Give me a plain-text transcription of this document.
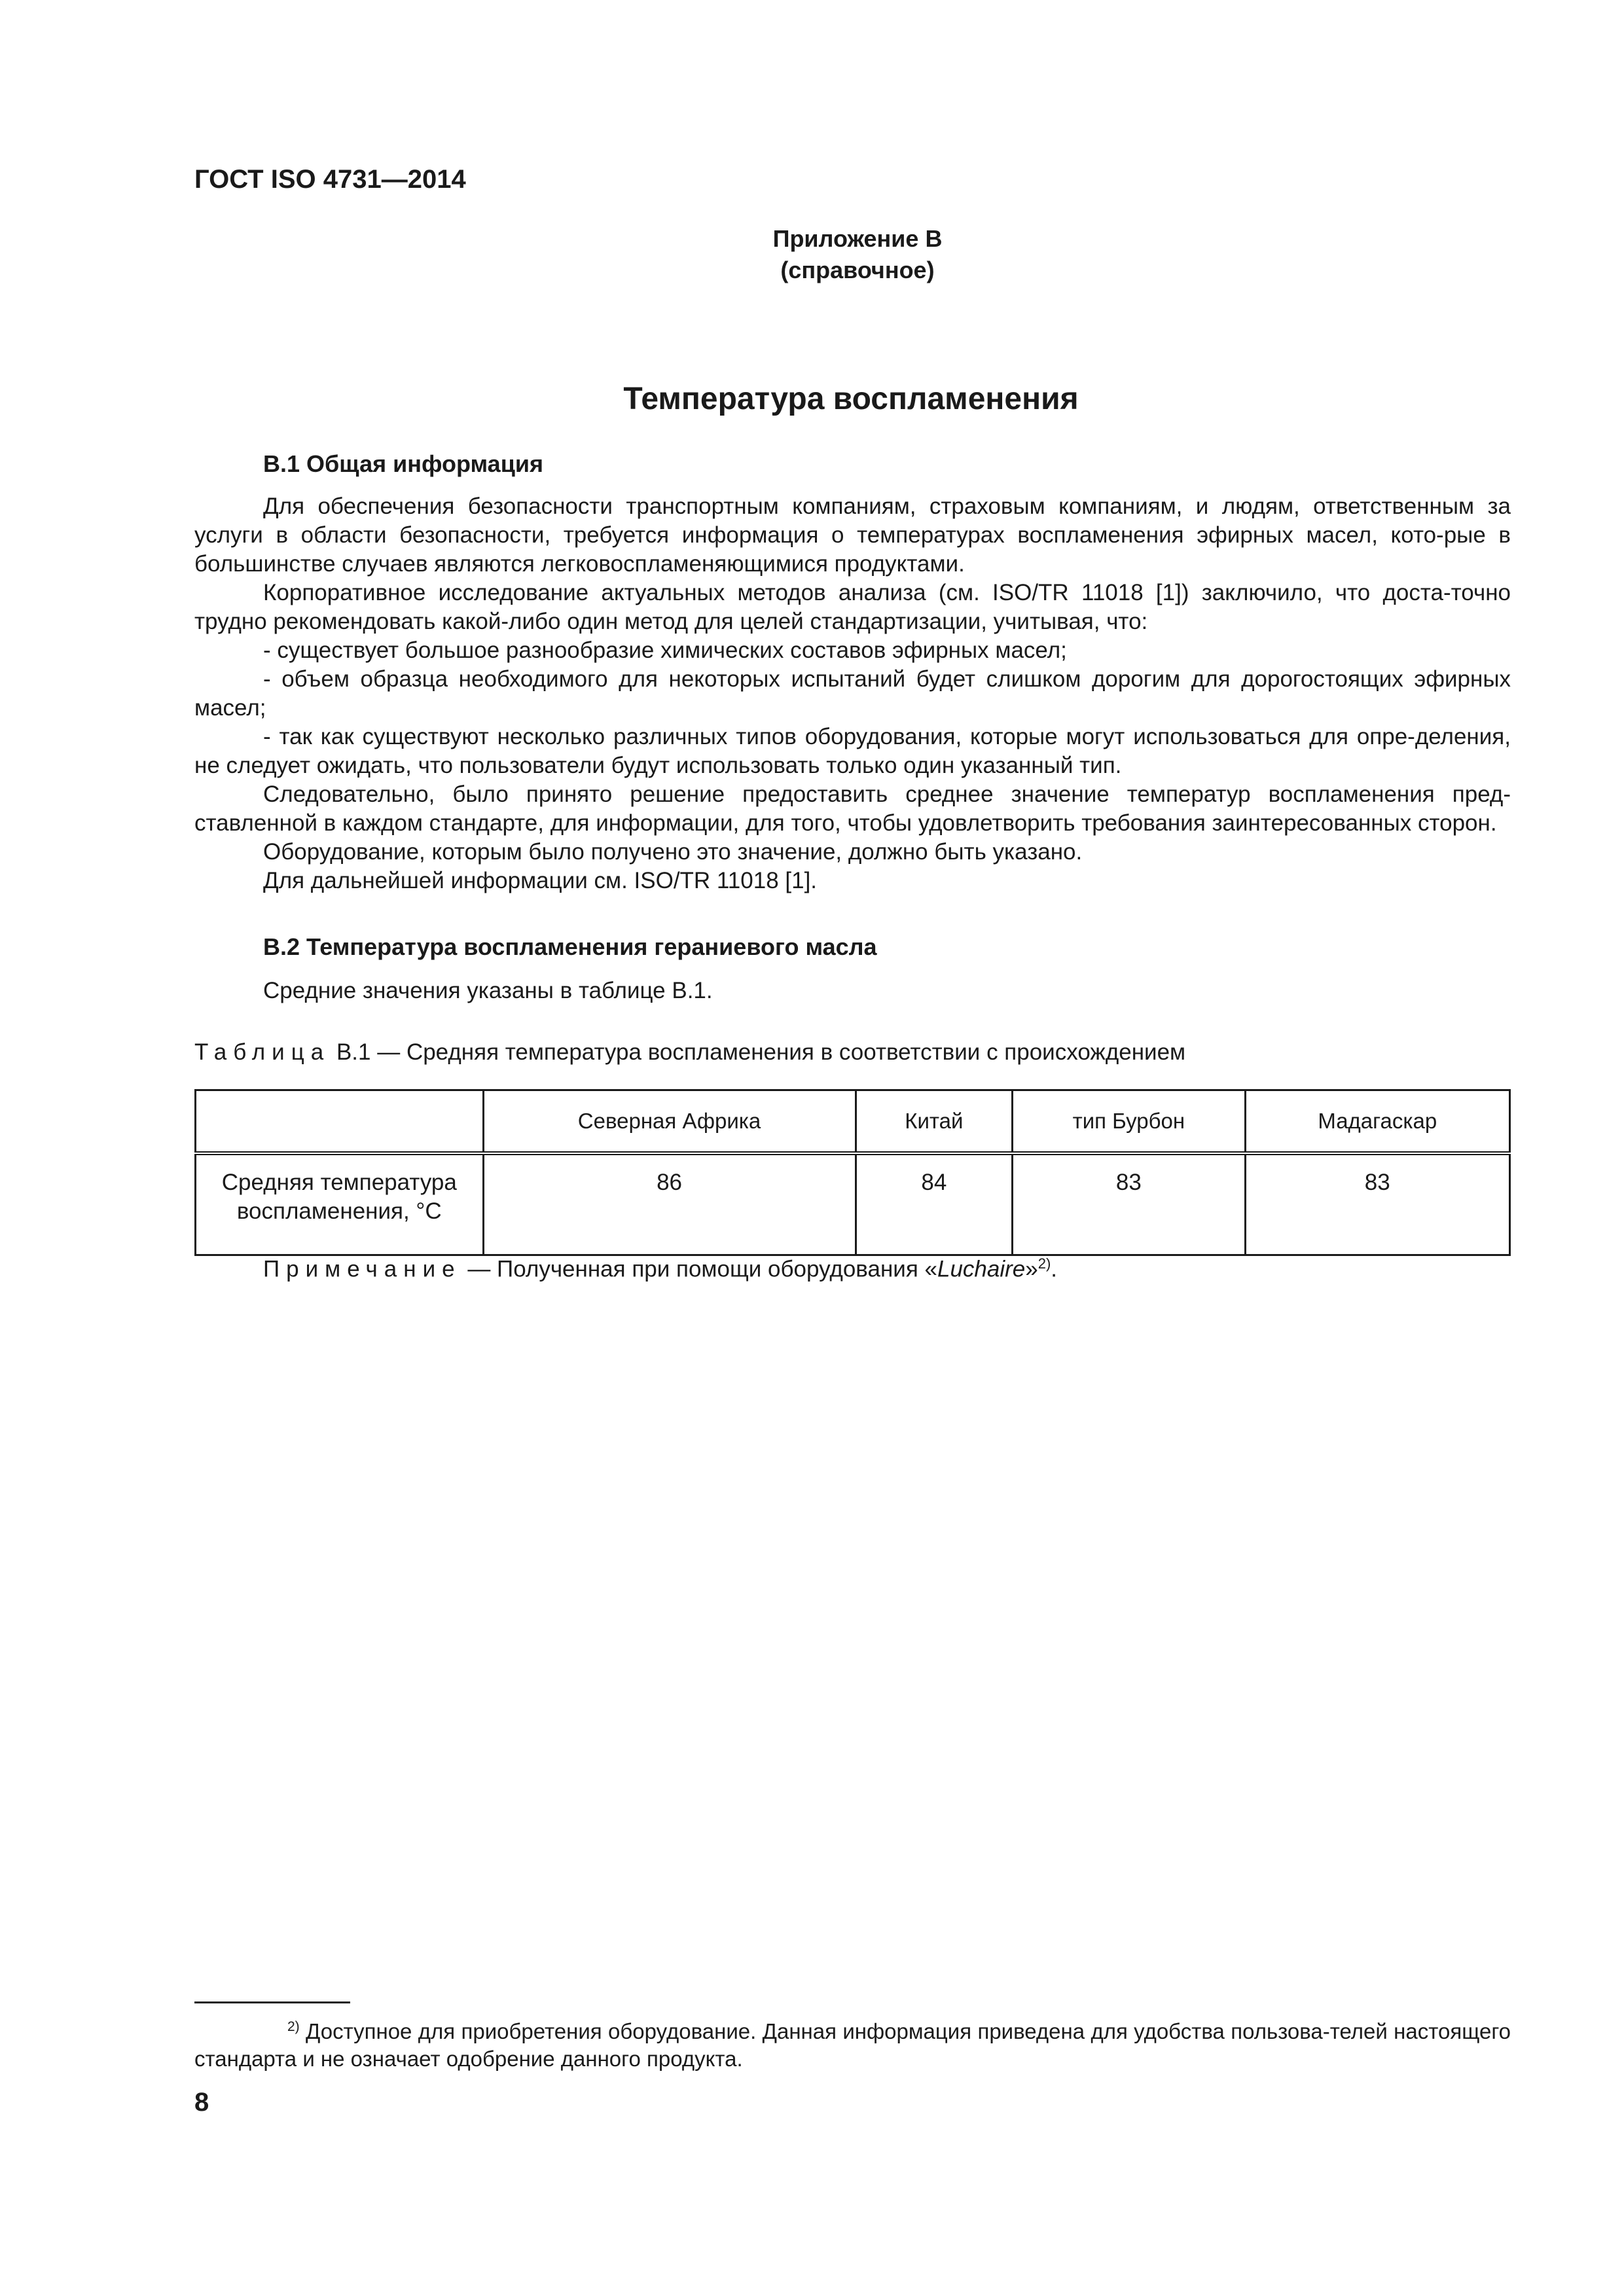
ГОСТ ISO 4731—2014
Приложение В
(справочное)
Температура воспламенения
В.1 Общая информация

Для обеспечения безопасности транспортным компаниям, страховым компаниям, и людям, ответственным за услуги в области безопасности, требуется информация о температурах воспламенения эфирных масел, кото-рые в большинстве случаев являются легковоспламеняющимися продуктами.

Корпоративное исследование актуальных методов анализа (см. ISO/TR 11018 [1]) заключило, что доста-точно трудно рекомендовать какой-либо один метод для целей стандартизации, учитывая, что:

- существует большое разнообразие химических составов эфирных масел;

- объем образца необходимого для некоторых испытаний будет слишком дорогим для дорогостоящих эфирных масел;

- так как существуют несколько различных типов оборудования, которые могут использоваться для опре-деления, не следует ожидать, что пользователи будут использовать только один указанный тип.

Следовательно, было принято решение предоставить среднее значение температур воспламенения пред-ставленной в каждом стандарте, для информации, для того, чтобы удовлетворить требования заинтересованных сторон.

Оборудование, которым было получено это значение, должно быть указано.

Для дальнейшей информации см. ISO/TR 11018 [1].

В.2 Температура воспламенения гераниевого масла
Средние значения указаны в таблице В.1.
Таблица В.1 — Средняя температура воспламенения в соответствии с происхождением
	Северная Африка	Китай	тип Бурбон	Мадагаскар
Средняя температура
воспламенения, °С	86	84	83	83
Примечание — Полученная при помощи оборудования «Luchaire»$^{2)}$.

$^{2)}$ Доступное для приобретения оборудование. Данная информация приведена для удобства пользова-телей настоящего стандарта и не означает одобрение данного продукта.

8
